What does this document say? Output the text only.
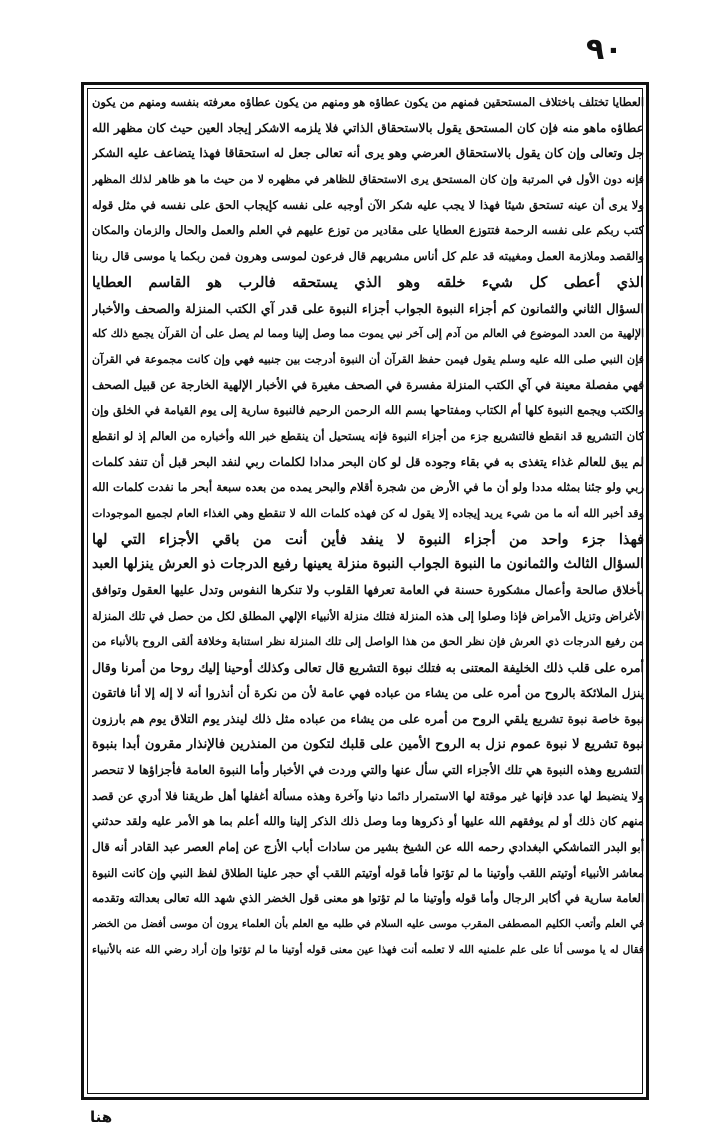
٩٠
العطايا تختلف باختلاف المستحقين فمنهم من يكون عطاؤه هو ومنهم من يكون عطاؤه معرفته بنفسه ومنهم من يكون
عطاؤه ماهو منه فإن كان المستحق يقول بالاستحقاق الذاتي فلا يلزمه الاشكر إيجاد العين حيث كان مظهر الله
جل وتعالى وإن كان يقول بالاستحقاق العرضي وهو يرى أنه تعالى جعل له استحقاقا فهذا يتضاعف عليه الشكر
فإنه دون الأول في المرتبة وإن كان المستحق يرى الاستحقاق للظاهر في مظهره لا من حيث ما هو ظاهر لذلك المظهر
ولا يرى أن عينه تستحق شيئا فهذا لا يجب عليه شكر الآن أوجبه على نفسه كإيجاب الحق على نفسه في مثل قوله
كتب ربكم على نفسه الرحمة فتتوزع العطايا على مقادير من توزع عليهم في العلم والعمل والحال والزمان والمكان
والقصد وملازمة العمل ومغيبته قد علم كل أناس مشربهم قال فرعون لموسى وهرون فمن ربكما يا موسى قال ربنا
الذي أعطى كل شيء خلقه وهو الذي يستحقه فالرب هو القاسم العطايا
السؤال الثاني والثمانون كم أجزاء النبوة الجواب أجزاء النبوة على قدر آي الكتب المنزلة والصحف والأخبار
الإلهية من العدد الموضوع في العالم من آدم إلى آخر نبي يموت مما وصل إلينا ومما لم يصل على أن القرآن يجمع ذلك كله
فإن النبي صلى الله عليه وسلم يقول فيمن حفظ القرآن أن النبوة أدرجت بين جنبيه فهي وإن كانت مجموعة في القرآن
فهي مفصلة معينة في آي الكتب المنزلة مفسرة في الصحف مغيرة في الأخبار الإلهية الخارجة عن قبيل الصحف
والكتب ويجمع النبوة كلها أم الكتاب ومفتاحها بسم الله الرحمن الرحيم فالنبوة سارية إلى يوم القيامة في الخلق وإن
كان التشريع قد انقطع فالتشريع جزء من أجزاء النبوة فإنه يستحيل أن ينقطع خبر الله وأخباره من العالم إذ لو انقطع
لم يبق للعالم غذاء يتغذى به في بقاء وجوده قل لو كان البحر مدادا لكلمات ربي لنفد البحر قبل أن تنفد كلمات
ربي ولو جئنا بمثله مددا ولو أن ما في الأرض من شجرة أقلام والبحر يمده من بعده سبعة أبحر ما نفدت كلمات الله
وقد أخبر الله أنه ما من شيء يريد إيجاده إلا يقول له كن فهذه كلمات الله لا تنقطع وهي الغذاء العام لجميع الموجودات
فهذا جزء واحد من أجزاء النبوة لا ينفد فأين أنت من باقي الأجزاء التي لها
السؤال الثالث والثمانون ما النبوة الجواب النبوة منزلة يعينها رفيع الدرجات ذو العرش ينزلها العبد
بأخلاق صالحة وأعمال مشكورة حسنة في العامة تعرفها القلوب ولا تنكرها النفوس وتدل عليها العقول وتوافق
الأغراض وتزيل الأمراض فإذا وصلوا إلى هذه المنزلة فتلك منزلة الأنبياء الإلهي المطلق لكل من حصل في تلك المنزلة
من رفيع الدرجات ذي العرش فإن نظر الحق من هذا الواصل إلى تلك المنزلة نظر استنابة وخلافة ألقى الروح بالأنباء من
أمره على قلب ذلك الخليفة المعتنى به فتلك نبوة التشريع قال تعالى وكذلك أوحينا إليك روحا من أمرنا وقال
ينزل الملائكة بالروح من أمره على من يشاء من عباده فهي عامة لأن من نكرة أن أنذروا أنه لا إله إلا أنا فاتقون
نبوة خاصة نبوة تشريع يلقي الروح من أمره على من يشاء من عباده مثل ذلك لينذر يوم التلاق يوم هم بارزون
نبوة تشريع لا نبوة عموم نزل به الروح الأمين على قلبك لتكون من المنذرين فالإنذار مقرون أبدا بنبوة
التشريع وهذه النبوة هي تلك الأجزاء التي سأل عنها والتي وردت في الأخبار وأما النبوة العامة فأجزاؤها لا تنحصر
ولا ينضبط لها عدد فإنها غير موقتة لها الاستمرار دائما دنيا وآخرة وهذه مسألة أغفلها أهل طريقنا فلا أدري عن قصد
منهم كان ذلك أو لم يوفقهم الله عليها أو ذكروها وما وصل ذلك الذكر إلينا والله أعلم بما هو الأمر عليه ولقد حدثني
أبو البدر التماشكي البغدادي رحمه الله عن الشيخ بشير من سادات أباب الأزج عن إمام العصر عبد القادر أنه قال
معاشر الأنبياء أوتيتم اللقب وأوتينا ما لم تؤتوا فأما قوله أوتيتم اللقب أي حجر علينا الطلاق لفظ النبي وإن كانت النبوة
العامة سارية في أكابر الرجال وأما قوله وأوتينا ما لم تؤتوا هو معنى قول الخضر الذي شهد الله تعالى بعدالته وتقدمه
في العلم وأتعب الكليم المصطفى المقرب موسى عليه السلام في طلبه مع العلم بأن العلماء يرون أن موسى أفضل من الخضر
فقال له يا موسى أنا على علم علمنيه الله لا تعلمه أنت فهذا عين معنى قوله أوتينا ما لم تؤتوا وإن أراد رضي الله عنه بالأنبياء
هنا
